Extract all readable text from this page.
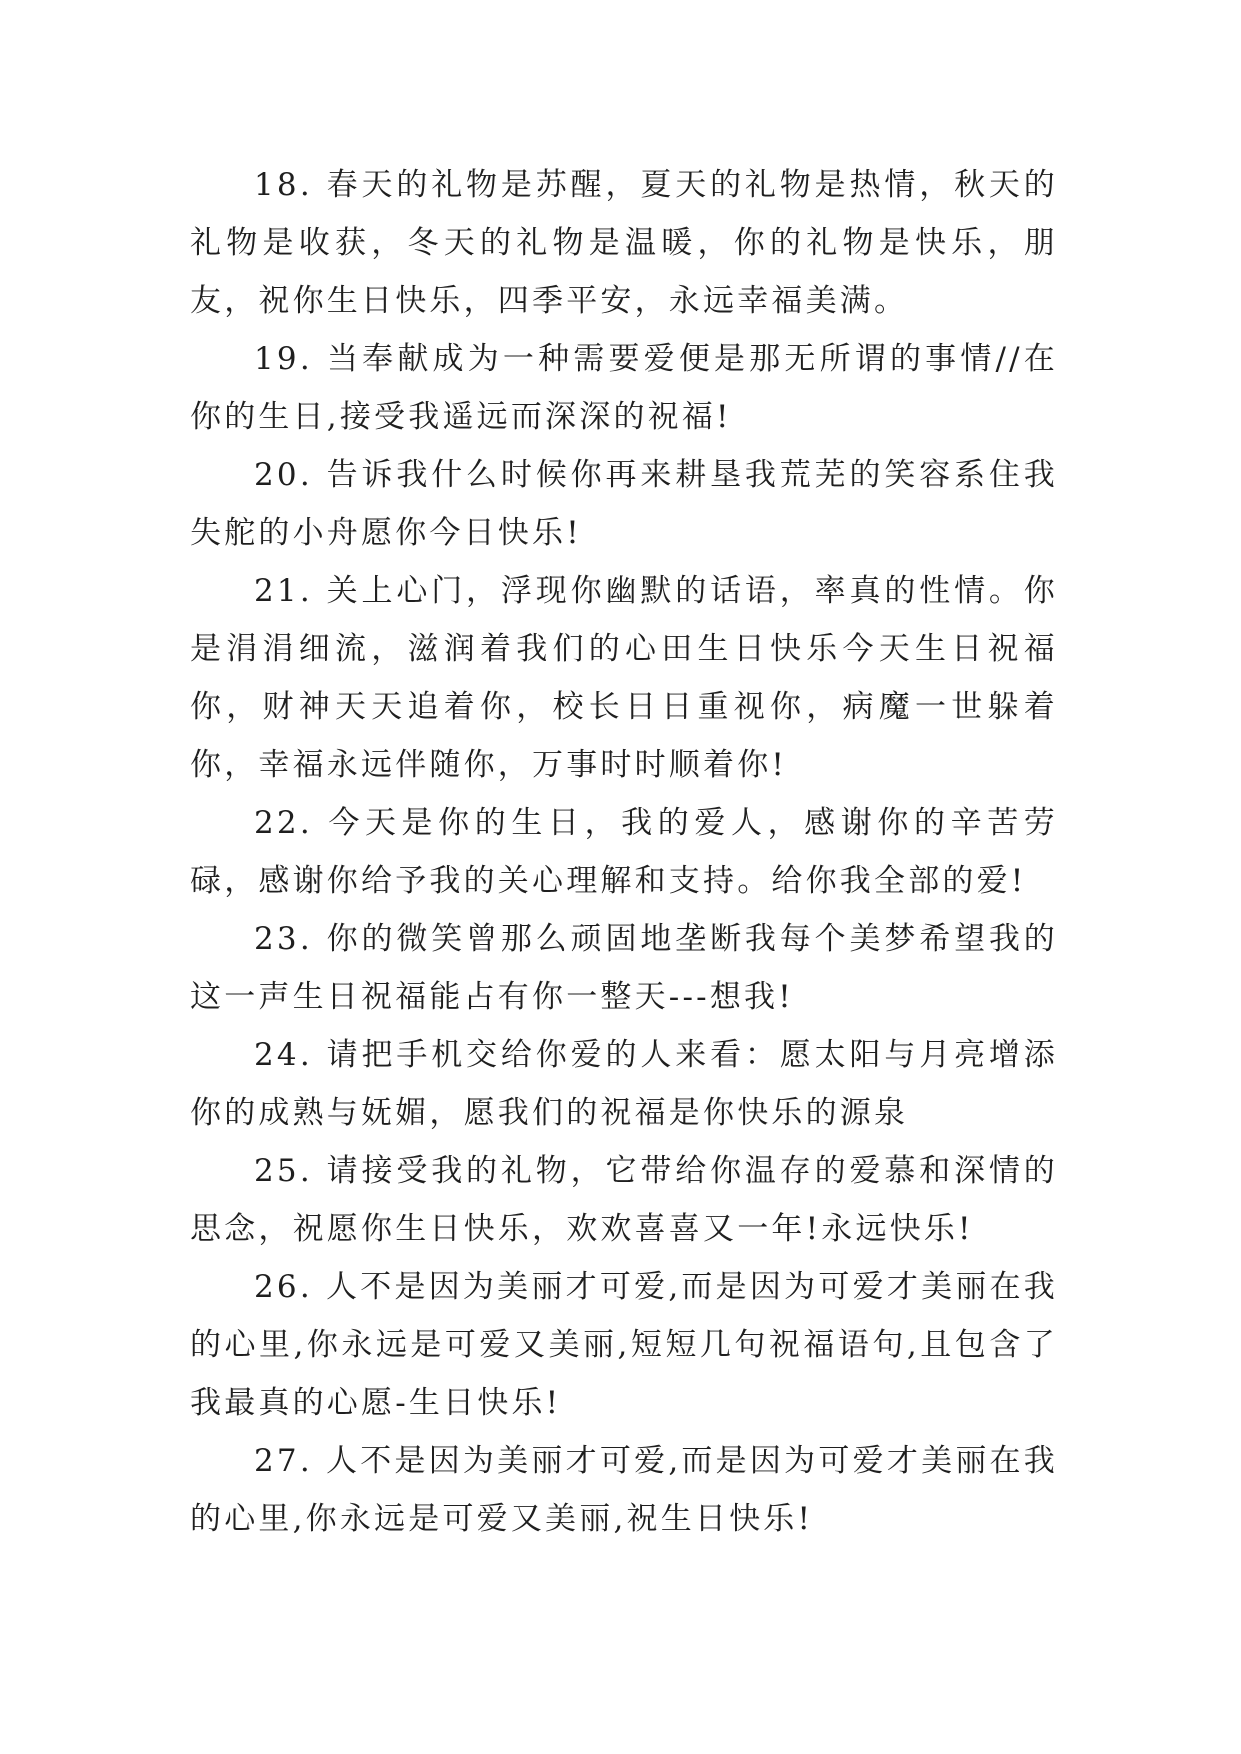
18. 春天的礼物是苏醒，夏天的礼物是热情，秋天的礼物是收获，冬天的礼物是温暖，你的礼物是快乐，朋友，祝你生日快乐，四季平安，永远幸福美满。

19. 当奉献成为一种需要爱便是那无所谓的事情//在你的生日,接受我遥远而深深的祝福!

20. 告诉我什么时候你再来耕垦我荒芜的笑容系住我失舵的小舟愿你今日快乐!

21. 关上心门，浮现你幽默的话语，率真的性情。你是涓涓细流，滋润着我们的心田生日快乐今天生日祝福你，财神天天追着你，校长日日重视你，病魔一世躲着你，幸福永远伴随你，万事时时顺着你!

22. 今天是你的生日，我的爱人，感谢你的辛苦劳碌，感谢你给予我的关心理解和支持。给你我全部的爱!

23. 你的微笑曾那么顽固地垄断我每个美梦希望我的这一声生日祝福能占有你一整天---想我!

24. 请把手机交给你爱的人来看：愿太阳与月亮增添你的成熟与妩媚，愿我们的祝福是你快乐的源泉

25. 请接受我的礼物，它带给你温存的爱慕和深情的思念，祝愿你生日快乐，欢欢喜喜又一年!永远快乐!

26. 人不是因为美丽才可爱,而是因为可爱才美丽在我的心里,你永远是可爱又美丽,短短几句祝福语句,且包含了我最真的心愿-生日快乐!

27. 人不是因为美丽才可爱,而是因为可爱才美丽在我的心里,你永远是可爱又美丽,祝生日快乐!
